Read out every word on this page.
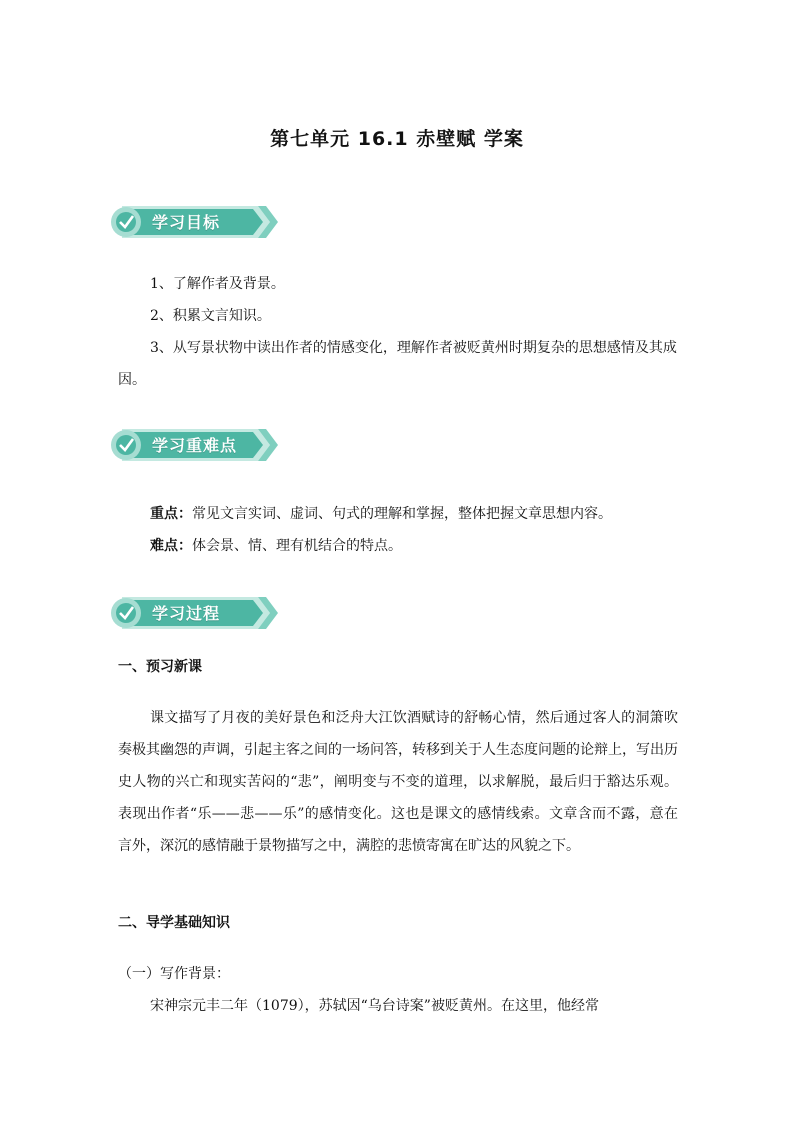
第七单元 16.1 赤壁赋 学案
学习目标
1、了解作者及背景。
2、积累文言知识。
3、从写景状物中读出作者的情感变化，理解作者被贬黄州时期复杂的思想感情及其成因。
学习重难点
重点：常见文言实词、虚词、句式的理解和掌握，整体把握文章思想内容。
难点：体会景、情、理有机结合的特点。
学习过程
一、预习新课
课文描写了月夜的美好景色和泛舟大江饮酒赋诗的舒畅心情，然后通过客人的洞箫吹奏极其幽怨的声调，引起主客之间的一场问答，转移到关于人生态度问题的论辩上，写出历史人物的兴亡和现实苦闷的“悲”，阐明变与不变的道理，以求解脱，最后归于豁达乐观。表现出作者“乐——悲——乐”的感情变化。这也是课文的感情线索。文章含而不露，意在言外，深沉的感情融于景物描写之中，满腔的悲愤寄寓在旷达的风貌之下。
二、导学基础知识
（一）写作背景：
宋神宗元丰二年（1079），苏轼因“乌台诗案”被贬黄州。在这里，他经常
